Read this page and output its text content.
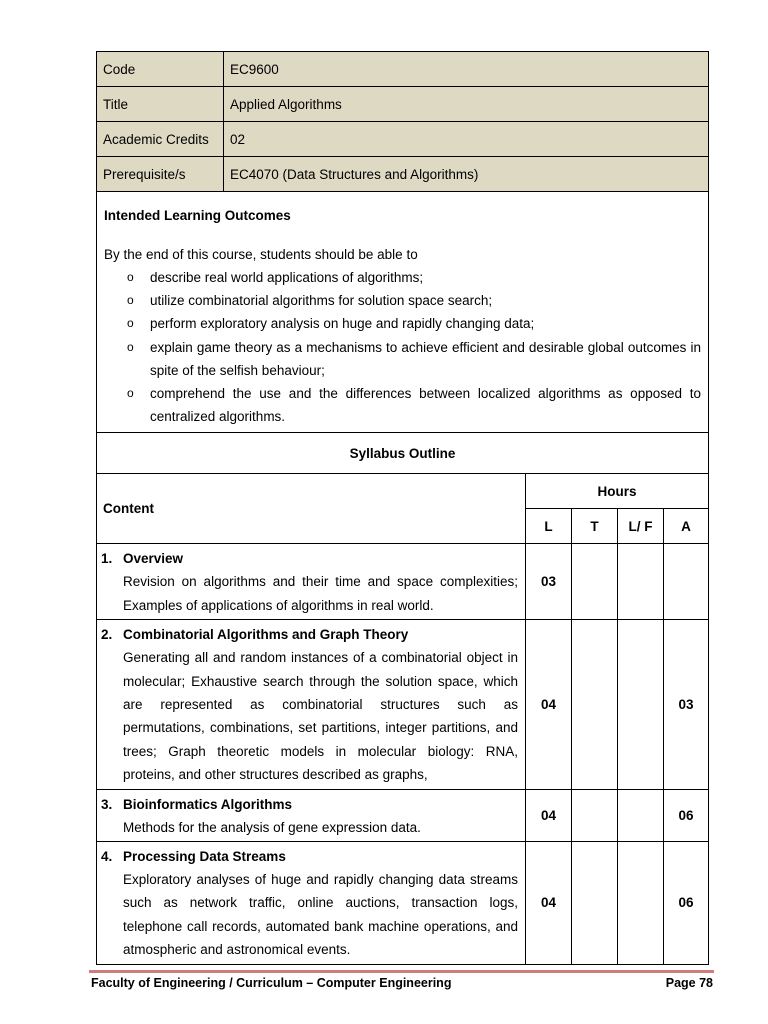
Code	EC9600
Title	Applied Algorithms
Academic Credits	02
Prerequisite/s	EC4070 (Data Structures and Algorithms)
Intended Learning Outcomes
By the end of this course, students should be able to
o describe real world applications of algorithms;
o utilize combinatorial algorithms for solution space search;
o perform exploratory analysis on huge and rapidly changing data;
o explain game theory as a mechanisms to achieve efficient and desirable global outcomes in spite of the selfish behaviour;
o comprehend the use and the differences between localized algorithms as opposed to centralized algorithms.
Syllabus Outline
Content	Hours			
	L	T	L/ F	A

1. Overview
Revision on algorithms and their time and space complexities; Examples of applications of algorithms in real world.	03			

2. Combinatorial Algorithms and Graph Theory
Generating all and random instances of a combinatorial object in molecular; Exhaustive search through the solution space, which are represented as combinatorial structures such as permutations, combinations, set partitions, integer partitions, and trees; Graph theoretic models in molecular biology: RNA, proteins, and other structures described as graphs,	04			03

3. Bioinformatics Algorithms
Methods for the analysis of gene expression data.	04			06

4. Processing Data Streams
Exploratory analyses of huge and rapidly changing data streams such as network traffic, online auctions, transaction logs, telephone call records, automated bank machine operations, and atmospheric and astronomical events.	04			06
Faculty of Engineering / Curriculum – Computer Engineering	Page 78
